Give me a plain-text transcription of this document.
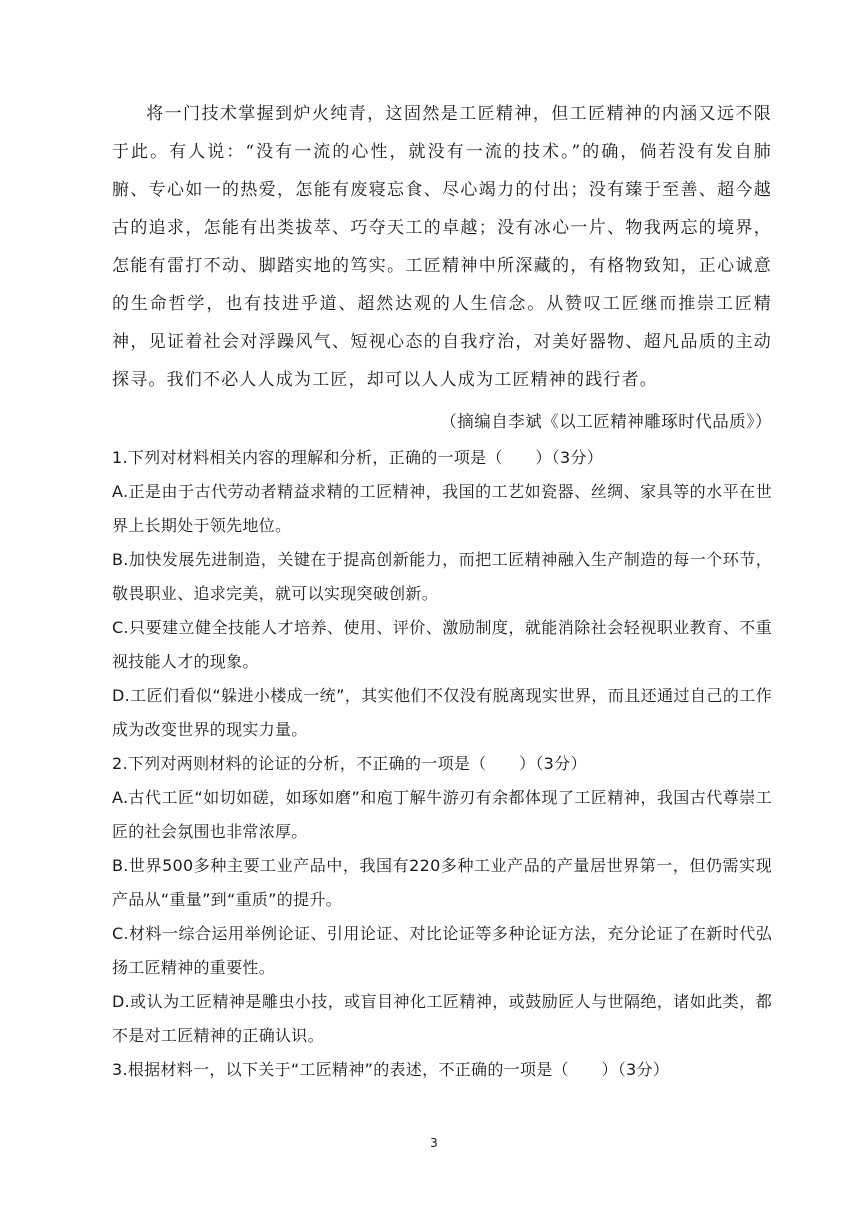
将一门技术掌握到炉火纯青，这固然是工匠精神，但工匠精神的内涵又远不限于此。有人说：“没有一流的心性，就没有一流的技术。”的确，倘若没有发自肺腑、专心如一的热爱，怎能有废寝忘食、尽心竭力的付出；没有臻于至善、超今越古的追求，怎能有出类拔萃、巧夺天工的卓越；没有冰心一片、物我两忘的境界，怎能有雷打不动、脚踏实地的笃实。工匠精神中所深藏的，有格物致知，正心诚意的生命哲学，也有技进乎道、超然达观的人生信念。从赞叹工匠继而推崇工匠精神，见证着社会对浮躁风气、短视心态的自我疗治，对美好器物、超凡品质的主动探寻。我们不必人人成为工匠，却可以人人成为工匠精神的践行者。

（摘编自李斌《以工匠精神雕琢时代品质》）

1.下列对材料相关内容的理解和分析，正确的一项是（　　）（3分）

A.正是由于古代劳动者精益求精的工匠精神，我国的工艺如瓷器、丝绸、家具等的水平在世界上长期处于领先地位。

B.加快发展先进制造，关键在于提高创新能力，而把工匠精神融入生产制造的每一个环节，敬畏职业、追求完美，就可以实现突破创新。

C.只要建立健全技能人才培养、使用、评价、激励制度，就能消除社会轻视职业教育、不重视技能人才的现象。

D.工匠们看似“躲进小楼成一统”，其实他们不仅没有脱离现实世界，而且还通过自己的工作成为改变世界的现实力量。

2.下列对两则材料的论证的分析，不正确的一项是（　　）（3分）

A.古代工匠“如切如磋，如琢如磨”和庖丁解牛游刃有余都体现了工匠精神，我国古代尊崇工匠的社会氛围也非常浓厚。

B.世界500多种主要工业产品中，我国有220多种工业产品的产量居世界第一，但仍需实现产品从“重量”到“重质”的提升。

C.材料一综合运用举例论证、引用论证、对比论证等多种论证方法，充分论证了在新时代弘扬工匠精神的重要性。

D.或认为工匠精神是雕虫小技，或盲目神化工匠精神，或鼓励匠人与世隔绝，诸如此类，都不是对工匠精神的正确认识。

3.根据材料一，以下关于“工匠精神”的表述，不正确的一项是（　　）（3分）

3
